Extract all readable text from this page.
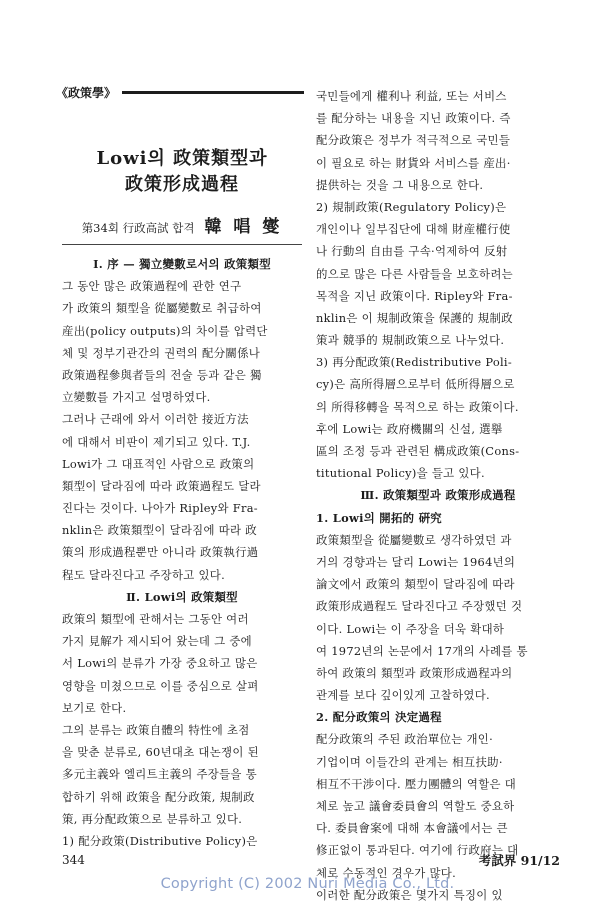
《政策學》
Lowi의 政策類型과
政策形成過程
第34회 行政高試 합격 韓 唱 燮
Ⅰ. 序 — 獨立變數로서의 政策類型
그 동안 많은 政策過程에 관한 연구
가 政策의 類型을 從屬變數로 취급하여
産出(policy outputs)의 차이를 압력단
체 및 정부기관간의 권력의 配分關係나
政策過程參與者들의 전술 등과 같은 獨
立變數를 가지고 설명하였다.
그러나 근래에 와서 이러한 接近方法
에 대해서 비판이 제기되고 있다. T.J.
Lowi가 그 대표적인 사람으로 政策의
類型이 달라짐에 따라 政策過程도 달라
진다는 것이다. 나아가 Ripley와 Fra-
nklin은 政策類型이 달라짐에 따라 政
策의 形成過程뿐만 아니라 政策執行過
程도 달라진다고 주장하고 있다.
Ⅱ. Lowi의 政策類型
政策의 類型에 관해서는 그동안 여러
가지 見解가 제시되어 왔는데 그 중에
서 Lowi의 분류가 가장 중요하고 많은
영향을 미쳤으므로 이를 중심으로 살펴
보기로 한다.
그의 분류는 政策自體의 特性에 초점
을 맞춘 분류로, 60년대초 대논쟁이 된
多元主義와 엘리트主義의 주장들을 통
합하기 위해 政策을 配分政策, 規制政
策, 再分配政策으로 분류하고 있다.
1) 配分政策(Distributive Policy)은
국민들에게 權利나 利益, 또는 서비스
를 配分하는 내용을 지닌 政策이다. 즉
配分政策은 정부가 적극적으로 국민들
이 필요로 하는 財貨와 서비스를 産出·
提供하는 것을 그 내용으로 한다.
2) 規制政策(Regulatory Policy)은
개인이나 일부집단에 대해 財産權行使
나 行動의 自由를 구속·억제하여 反射
的으로 많은 다른 사람들을 보호하려는
목적을 지닌 政策이다. Ripley와 Fra-
nklin은 이 規制政策을 保護的 規制政
策과 競爭的 規制政策으로 나누었다.
3) 再分配政策(Redistributive Poli-
cy)은 高所得層으로부터 低所得層으로
의 所得移轉을 목적으로 하는 政策이다.
후에 Lowi는 政府機關의 신설, 選擧
區의 조정 등과 관련된 構成政策(Cons-
titutional Policy)을 들고 있다.
Ⅲ. 政策類型과 政策形成過程
1. Lowi의 開拓的 硏究
政策類型을 從屬變數로 생각하였던 과
거의 경향과는 달리 Lowi는 1964년의
論文에서 政策의 類型이 달라짐에 따라
政策形成過程도 달라진다고 주장했던 것
이다. Lowi는 이 주장을 더욱 확대하
여 1972년의 논문에서 17개의 사례를 통
하여 政策의 類型과 政策形成過程과의
관계를 보다 깊이있게 고찰하였다.
2. 配分政策의 決定過程
配分政策의 주된 政治單位는 개인·
기업이며 이들간의 관계는 相互扶助·
相互不干涉이다. 壓力團體의 역할은 대
체로 높고 議會委員會의 역할도 중요하
다. 委員會案에 대해 本會議에서는 큰
修正없이 통과된다. 여기에 行政府는 대
체로 수동적인 경우가 많다.
이러한 配分政策은 몇가지 특징이 있
344	考試界 91/12
Copyright (C) 2002 Nuri Media Co., Ltd.
